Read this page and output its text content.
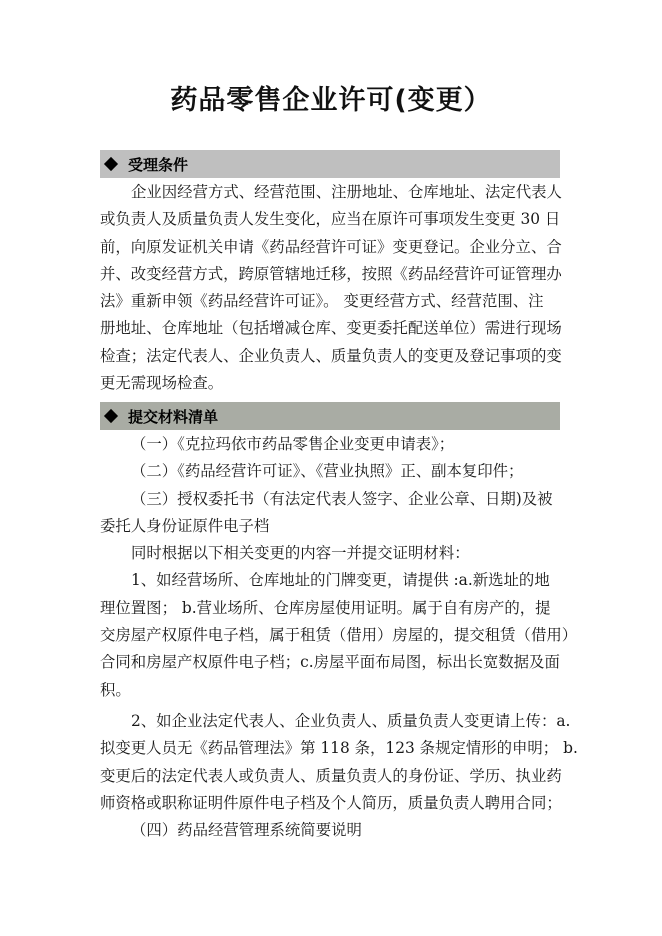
药品零售企业许可(变更）
受理条件
企业因经营方式、经营范围、注册地址、仓库地址、法定代表人
或负责人及质量负责人发生变化，应当在原许可事项发生变更 30 日
前，向原发证机关申请《药品经营许可证》变更登记。企业分立、合
并、改变经营方式，跨原管辖地迁移，按照《药品经营许可证管理办
法》重新申领《药品经营许可证》。 变更经营方式、经营范围、注
册地址、仓库地址（包括增减仓库、变更委托配送单位）需进行现场
检查；法定代表人、企业负责人、质量负责人的变更及登记事项的变
更无需现场检查。
提交材料清单
（一）《克拉玛依市药品零售企业变更申请表》；
（二）《药品经营许可证》、《营业执照》正、副本复印件；
（三）授权委托书（有法定代表人签字、企业公章、日期)及被
委托人身份证原件电子档
同时根据以下相关变更的内容一并提交证明材料：
1、如经营场所、仓库地址的门牌变更，请提供 :a.新选址的地
理位置图； b.营业场所、仓库房屋使用证明。属于自有房产的，提
交房屋产权原件电子档，属于租赁（借用）房屋的，提交租赁（借用）
合同和房屋产权原件电子档；c.房屋平面布局图，标出长宽数据及面
积。
2、如企业法定代表人、企业负责人、质量负责人变更请上传：a.
拟变更人员无《药品管理法》第 118 条，123 条规定情形的申明； b.
变更后的法定代表人或负责人、质量负责人的身份证、学历、执业药
师资格或职称证明件原件电子档及个人简历，质量负责人聘用合同；
（四）药品经营管理系统简要说明
